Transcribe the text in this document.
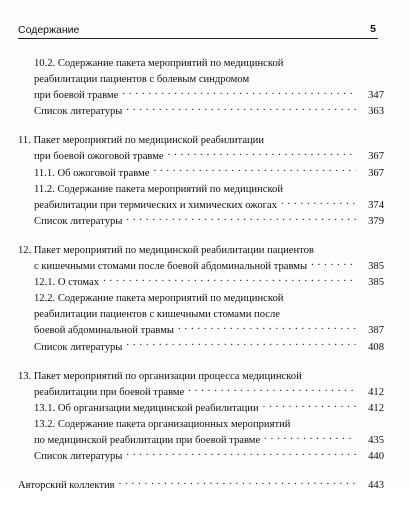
Содержание	5
10.2. Содержание пакета мероприятий по медицинской
реабилитации пациентов с болевым синдромом
при боевой травме . . .	347
Список литературы . . .	363
11. Пакет мероприятий по медицинской реабилитации
при боевой ожоговой травме . . .	367
11.1. Об ожоговой травме . . .	367
11.2. Содержание пакета мероприятий по медицинской
реабилитации при термических и химических ожогах . . .	374
Список литературы . . .	379
12. Пакет мероприятий по медицинской реабилитации пациентов
с кишечными стомами после боевой абдоминальной травмы . . .	385
12.1. О стомах . . .	385
12.2. Содержание пакета мероприятий по медицинской
реабилитации пациентов с кишечными стомами после
боевой абдоминальной травмы . . .	387
Список литературы . . .	408
13. Пакет мероприятий по организации процесса медицинской
реабилитации при боевой травме . . .	412
13.1. Об организации медицинской реабилитации . . .	412
13.2. Содержание пакета организационных мероприятий
по медицинской реабилитации при боевой травме . . .	435
Список литературы . . .	440
Авторский коллектив . . .	443
